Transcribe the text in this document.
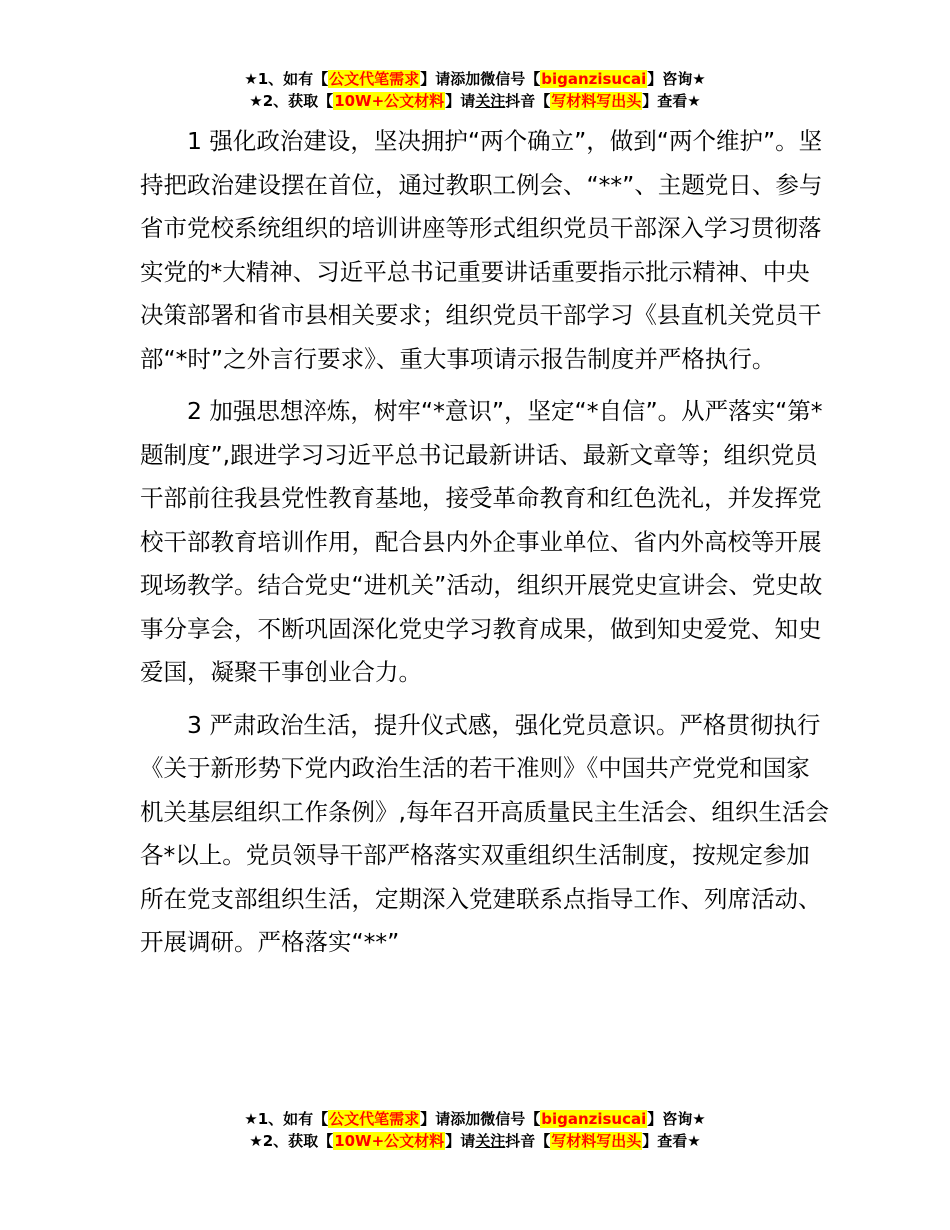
★1、如有【公文代笔需求】请添加微信号【biganzisucai】咨询★
★2、获取【10W+公文材料】请关注抖音【写材料写出头】查看★

1 强化政治建设，坚决拥护“两个确立”，做到“两个维护”。坚持把政治建设摆在首位，通过教职工例会、“**”、主题党日、参与省市党校系统组织的培训讲座等形式组织党员干部深入学习贯彻落实党的*大精神、习近平总书记重要讲话重要指示批示精神、中央决策部署和省市县相关要求；组织党员干部学习《县直机关党员干部“*时”之外言行要求》、重大事项请示报告制度并严格执行。

2 加强思想淬炼，树牢“*意识”，坚定“*自信”。从严落实“第*题制度”,跟进学习习近平总书记最新讲话、最新文章等；组织党员干部前往我县党性教育基地，接受革命教育和红色洗礼，并发挥党校干部教育培训作用，配合县内外企事业单位、省内外高校等开展现场教学。结合党史“进机关”活动，组织开展党史宣讲会、党史故事分享会，不断巩固深化党史学习教育成果，做到知史爱党、知史爱国，凝聚干事创业合力。

3 严肃政治生活，提升仪式感，强化党员意识。严格贯彻执行《关于新形势下党内政治生活的若干准则》《中国共产党党和国家机关基层组织工作条例》,每年召开高质量民主生活会、组织生活会各*以上。党员领导干部严格落实双重组织生活制度，按规定参加所在党支部组织生活，定期深入党建联系点指导工作、列席活动、开展调研。严格落实“**”

★1、如有【公文代笔需求】请添加微信号【biganzisucai】咨询★
★2、获取【10W+公文材料】请关注抖音【写材料写出头】查看★
